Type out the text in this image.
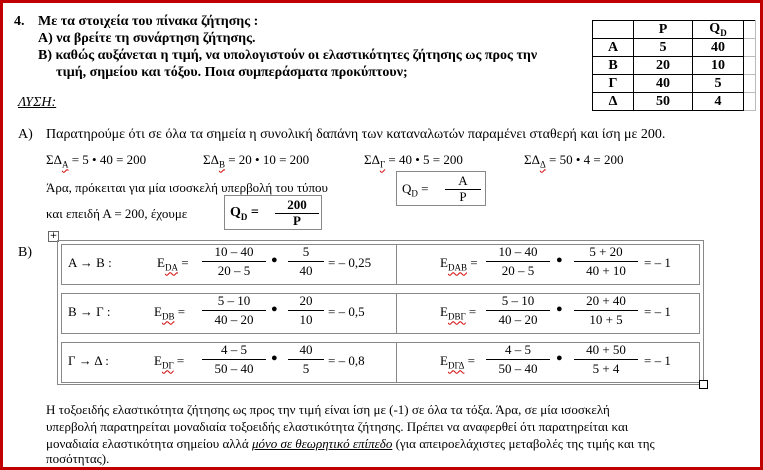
4. Με τα στοιχεία του πίνακα ζήτησης :
Α) να βρείτε τη συνάρτηση ζήτησης.
Β) καθώς αυξάνεται η τιμή, να υπολογιστούν οι ελαστικότητες ζήτησης ως προς την
τιμή, σημείου και τόξου. Ποια συμπεράσματα προκύπτουν;
	P	$Q_D$	
Α	5	40	
Β	20	10	
Γ	40	5	
Δ	50	4	
ΛΥΣΗ:
Α) Παρατηρούμε ότι σε όλα τα σημεία η συνολική δαπάνη των καταναλωτών παραμένει σταθερή και ίση με 200.
$\Sigma\Delta_A = 5$ • 40 = 200	$\Sigma\Delta_B = 20$ • 10 = 200	$\Sigma\Delta_\Gamma = 40$ • 5 = 200	$\Sigma\Delta_\Delta = 50$ • 4 = 200
Άρα, πρόκειται για μία ισοσκελή υπερβολή του τύπου	$Q_D$ =
A
P
και επειδή Α = 200, έχουμε	$Q_D$ =
200
P
+
Β)
Α → Β :	$E_{DA} = \frac{10 - 40}{20 - 5}$ ● $\frac{5}{40}$ = – 0,25	$E_{DAB} = \frac{10 - 40}{20 - 5}$ ● $\frac{5 + 20}{40 + 10}$ = – 1
Β → Γ :	$E_{DB} = \frac{5 - 10}{40 - 20}$ ● $\frac{20}{10}$ = – 0,5	$E_{DB\Gamma} = \frac{5 - 10}{40 - 20}$ ● $\frac{20 + 40}{10 + 5}$ = – 1
Γ → Δ :	$E_{D\Gamma} = \frac{4 - 5}{50 - 40}$ ● $\frac{40}{5}$ = – 0,8	$E_{D\Gamma\Delta} = \frac{4 - 5}{50 - 40}$ ● $\frac{40 + 50}{5 + 4}$ = – 1
Η τοξοειδής ελαστικότητα ζήτησης ως προς την τιμή είναι ίση με (-1) σε όλα τα τόξα. Άρα, σε μία ισοσκελή
υπερβολή παρατηρείται μοναδιαία τοξοειδής ελαστικότητα ζήτησης. Πρέπει να αναφερθεί ότι παρατηρείται και
μοναδιαία ελαστικότητα σημείου αλλά μόνο σε θεωρητικό επίπεδο (για απειροελάχιστες μεταβολές της τιμής και της
ποσότητας).
